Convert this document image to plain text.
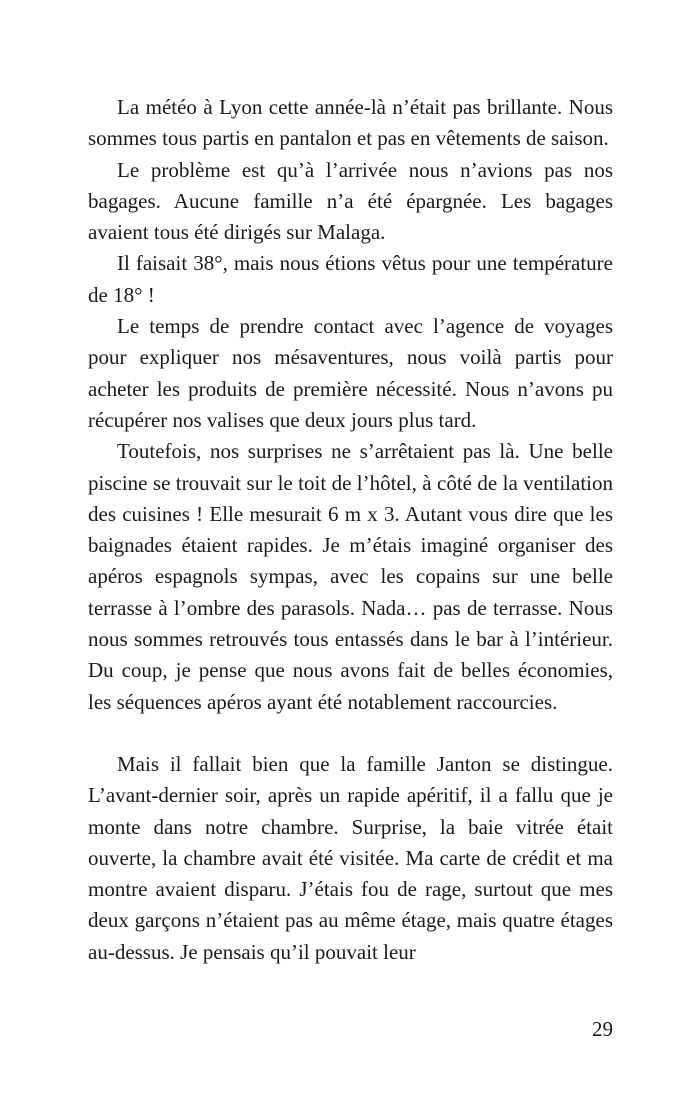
La météo à Lyon cette année-là n’était pas brillante. Nous sommes tous partis en pantalon et pas en vêtements de saison.

Le problème est qu’à l’arrivée nous n’avions pas nos bagages. Aucune famille n’a été épargnée. Les bagages avaient tous été dirigés sur Malaga.

Il faisait 38°, mais nous étions vêtus pour une température de 18° !

Le temps de prendre contact avec l’agence de voyages pour expliquer nos mésaventures, nous voilà partis pour acheter les produits de première nécessité. Nous n’avons pu récupérer nos valises que deux jours plus tard.

Toutefois, nos surprises ne s’arrêtaient pas là. Une belle piscine se trouvait sur le toit de l’hôtel, à côté de la ventilation des cuisines ! Elle mesurait 6 m x 3. Autant vous dire que les baignades étaient rapides. Je m’étais imaginé organiser des apéros espagnols sympas, avec les copains sur une belle terrasse à l’ombre des parasols. Nada… pas de terrasse. Nous nous sommes retrouvés tous entassés dans le bar à l’intérieur. Du coup, je pense que nous avons fait de belles économies, les séquences apéros ayant été notablement raccourcies.

Mais il fallait bien que la famille Janton se distingue. L’avant-dernier soir, après un rapide apéritif, il a fallu que je monte dans notre chambre. Surprise, la baie vitrée était ouverte, la chambre avait été visitée. Ma carte de crédit et ma montre avaient disparu. J’étais fou de rage, surtout que mes deux garçons n’étaient pas au même étage, mais quatre étages au-dessus. Je pensais qu’il pouvait leur

29
